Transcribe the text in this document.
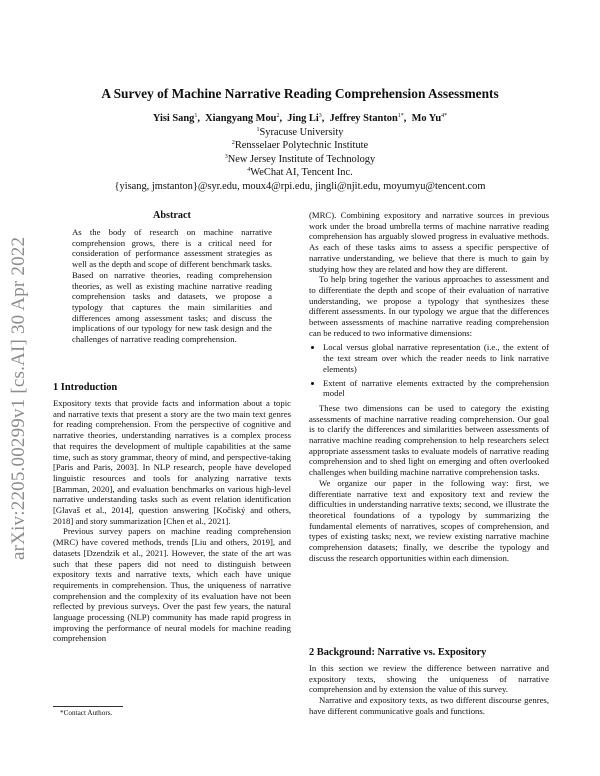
arXiv:2205.00299v1 [cs.AI] 30 Apr 2022
A Survey of Machine Narrative Reading Comprehension Assessments
Yisi Sang$^1$,  Xiangyang Mou$^2$,  Jing Li$^3$,  Jeffrey Stanton$^{1*}$,  Mo $Yu^{4*}$
$^1$Syracuse University
$^2$Rensselaer Polytechnic Institute
$^3$New Jersey Institute of Technology
$^4$WeChat AI, Tencent Inc.
{yisang, jmstanton}@syr.edu, moux4@rpi.edu, jingli@njit.edu, moyumyu@tencent.com
Abstract
As the body of research on machine narrative comprehension grows, there is a critical need for consideration of performance assessment strategies as well as the depth and scope of different benchmark tasks. Based on narrative theories, reading comprehension theories, as well as existing machine narrative reading comprehension tasks and datasets, we propose a typology that captures the main similarities and differences among assessment tasks; and discuss the implications of our typology for new task design and the challenges of narrative reading comprehension.
1 Introduction

Expository texts that provide facts and information about a topic and narrative texts that present a story are the two main text genres for reading comprehension. From the perspective of cognitive and narrative theories, understanding narratives is a complex process that requires the development of multiple capabilities at the same time, such as story grammar, theory of mind, and perspective-taking [Paris and Paris, 2003]. In NLP research, people have developed linguistic resources and tools for analyzing narrative texts [Bamman, 2020], and evaluation benchmarks on various high-level narrative understanding tasks such as event relation identification [Glavaš et al., 2014], question answering [Kočiský and others, 2018] and story summarization [Chen et al., 2021].

Previous survey papers on machine reading comprehension (MRC) have covered methods, trends [Liu and others, 2019], and datasets [Dzendzik et al., 2021]. However, the state of the art was such that these papers did not need to distinguish between expository texts and narrative texts, which each have unique requirements in comprehension. Thus, the uniqueness of narrative comprehension and the complexity of its evaluation have not been reflected by previous surveys. Over the past few years, the natural language processing (NLP) community has made rapid progress in improving the performance of neural models for machine reading comprehension

(MRC). Combining expository and narrative sources in previous work under the broad umbrella terms of machine narrative reading comprehension has arguably slowed progress in evaluative methods. As each of these tasks aims to assess a specific perspective of narrative understanding, we believe that there is much to gain by studying how they are related and how they are different.

To help bring together the various approaches to assessment and to differentiate the depth and scope of their evaluation of narrative understanding, we propose a typology that synthesizes these different assessments. In our typology we argue that the differences between assessments of machine narrative reading comprehension can be reduced to two informative dimensions:

• Local versus global narrative representation (i.e., the extent of the text stream over which the reader needs to link narrative elements)
• Extent of narrative elements extracted by the comprehension model

These two dimensions can be used to category the existing assessments of machine narrative reading comprehension. Our goal is to clarify the differences and similarities between assessments of narrative machine reading comprehension to help researchers select appropriate assessment tasks to evaluate models of narrative reading comprehension and to shed light on emerging and often overlooked challenges when building machine narrative comprehension tasks.

We organize our paper in the following way: first, we differentiate narrative text and expository text and review the difficulties in understanding narrative texts; second, we illustrate the theoretical foundations of a typology by summarizing the fundamental elements of narratives, scopes of comprehension, and types of existing tasks; next, we review existing narrative machine comprehension datasets; finally, we describe the typology and discuss the research opportunities within each dimension.

2 Background: Narrative vs. Expository

In this section we review the difference between narrative and expository texts, showing the uniqueness of narrative comprehension and by extension the value of this survey.

Narrative and expository texts, as two different discourse genres, have different communicative goals and functions.

*Contact Authors.
